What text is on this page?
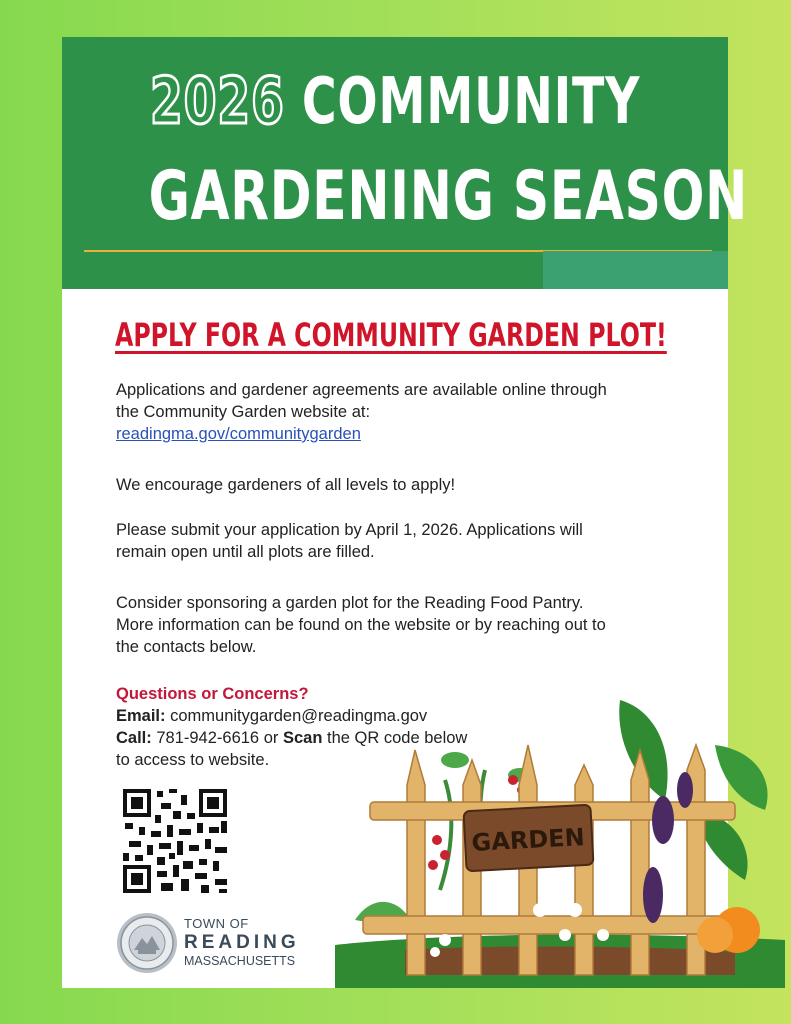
2026 COMMUNITY
GARDENING SEASON
APPLY FOR A COMMUNITY GARDEN PLOT!
Applications and gardener agreements are available online through
the Community Garden website at:
readingma.gov/communitygarden
We encourage gardeners of all levels to apply!
Please submit your application by April 1, 2026. Applications will
remain open until all plots are filled.
Consider sponsoring a garden plot for the Reading Food Pantry.
More information can be found on the website or by reaching out to
the contacts below.
Questions or Concerns?
Email: communitygarden@readingma.gov
Call: 781-942-6616 or Scan the QR code below
to access to website.
TOWN OF
READING
MASSACHUSETTS
GARDEN
